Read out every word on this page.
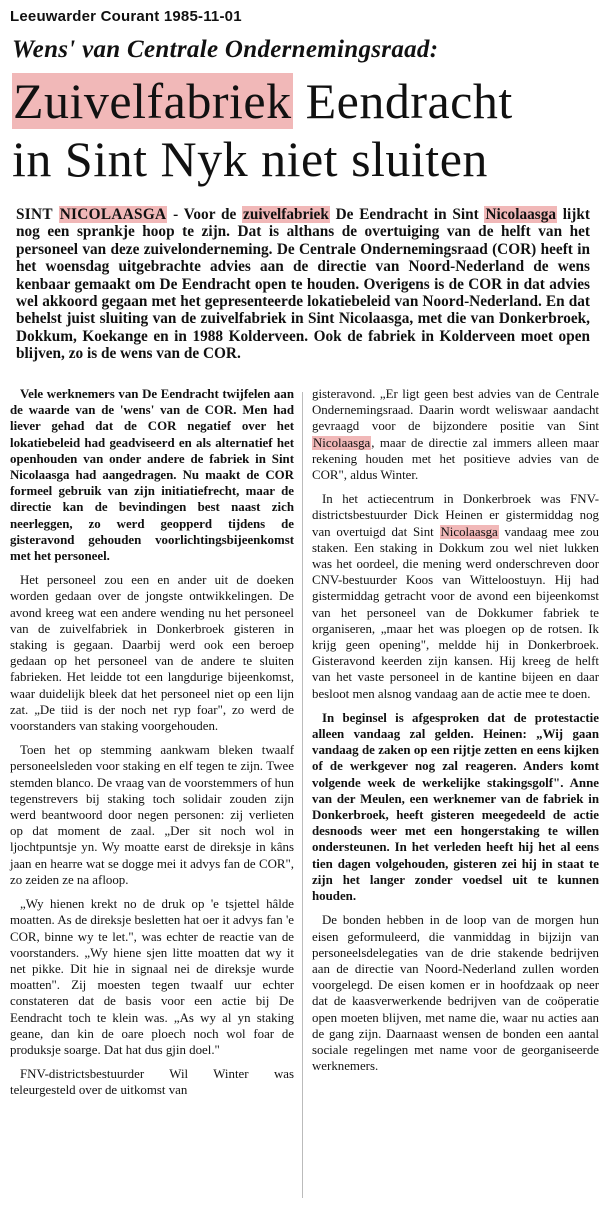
Leeuwarder Courant 1985-11-01
Wens' van Centrale Ondernemingsraad:
Zuivelfabriek Eendracht
in Sint Nyk niet sluiten
SINT NICOLAASGA - Voor de zuivelfabriek De Eendracht in Sint Nicolaasga lijkt nog een sprankje hoop te zijn. Dat is althans de overtuiging van de helft van het personeel van deze zuivelonderneming. De Centrale Ondernemingsraad (COR) heeft in het woensdag uitgebrachte advies aan de directie van Noord-Nederland de wens kenbaar gemaakt om De Eendracht open te houden. Overigens is de COR in dat advies wel akkoord gegaan met het gepresenteerde lokatiebeleid van Noord-Nederland. En dat behelst juist sluiting van de zuivelfabriek in Sint Nicolaasga, met die van Donkerbroek, Dokkum, Koekange en in 1988 Kolderveen. Ook de fabriek in Kolderveen moet open blijven, zo is de wens van de COR.

Vele werknemers van De Eendracht twijfelen aan de waarde van de 'wens' van de COR. Men had liever gehad dat de COR negatief over het lokatiebeleid had geadviseerd en als alternatief het openhouden van onder andere de fabriek in Sint Nicolaasga had aangedragen. Nu maakt de COR formeel gebruik van zijn initiatiefrecht, maar de directie kan de bevindingen best naast zich neerleggen, zo werd geopperd tijdens de gisteravond gehouden voorlichtingsbijeenkomst met het personeel.

Het personeel zou een en ander uit de doeken worden gedaan over de jongste ontwikkelingen. De avond kreeg wat een andere wending nu het personeel van de zuivelfabriek in Donkerbroek gisteren in staking is gegaan. Daarbij werd ook een beroep gedaan op het personeel van de andere te sluiten fabrieken. Het leidde tot een langdurige bijeenkomst, waar duidelijk bleek dat het personeel niet op een lijn zat. „De tiid is der noch net ryp foar", zo werd de voorstanders van staking voorgehouden.

Toen het op stemming aankwam bleken twaalf personeelsleden voor staking en elf tegen te zijn. Twee stemden blanco. De vraag van de voorstemmers of hun tegenstrevers bij staking toch solidair zouden zijn werd beantwoord door negen personen: zij verlieten op dat moment de zaal. „Der sit noch wol in ljochtpuntsje yn. Wy moatte earst de direksje in kâns jaan en hearre wat se dogge mei it advys fan de COR", zo zeiden ze na afloop.

„Wy hienen krekt no de druk op 'e tsjettel hâlde moatten. As de direksje besletten hat oer it advys fan 'e COR, binne wy te let.", was echter de reactie van de voorstanders. „Wy hiene sjen litte moatten dat wy it net pikke. Dit hie in signaal nei de direksje wurde moatten". Zij moesten tegen twaalf uur echter constateren dat de basis voor een actie bij De Eendracht toch te klein was. „As wy al yn staking geane, dan kin de oare ploech noch wol foar de produksje soarge. Dat hat dus gjin doel."

FNV-districtsbestuurder Wil Winter was teleurgesteld over de uitkomst van

gisteravond. „Er ligt geen best advies van de Centrale Ondernemingsraad. Daarin wordt weliswaar aandacht gevraagd voor de bijzondere positie van Sint Nicolaasga, maar de directie zal immers alleen maar rekening houden met het positieve advies van de COR", aldus Winter.

In het actiecentrum in Donkerbroek was FNV-districtsbestuurder Dick Heinen er gistermiddag nog van overtuigd dat Sint Nicolaasga vandaag mee zou staken. Een staking in Dokkum zou wel niet lukken was het oordeel, die mening werd onderschreven door CNV-bestuurder Koos van Witteloostuyn. Hij had gistermiddag getracht voor de avond een bijeenkomst van het personeel van de Dokkumer fabriek te organiseren, „maar het was ploegen op de rotsen. Ik krijg geen opening", meldde hij in Donkerbroek. Gisteravond keerden zijn kansen. Hij kreeg de helft van het vaste personeel in de kantine bijeen en daar besloot men alsnog vandaag aan de actie mee te doen.

In beginsel is afgesproken dat de protestactie alleen vandaag zal gelden. Heinen: „Wij gaan vandaag de zaken op een rijtje zetten en eens kijken of de werkgever nog zal reageren. Anders komt volgende week de werkelijke stakingsgolf". Anne van der Meulen, een werknemer van de fabriek in Donkerbroek, heeft gisteren meegedeeld de actie desnoods weer met een hongerstaking te willen ondersteunen. In het verleden heeft hij het al eens tien dagen volgehouden, gisteren zei hij in staat te zijn het langer zonder voedsel uit te kunnen houden.

De bonden hebben in de loop van de morgen hun eisen geformuleerd, die vanmiddag in bijzijn van personeelsdelegaties van de drie stakende bedrijven aan de directie van Noord-Nederland zullen worden voorgelegd. De eisen komen er in hoofdzaak op neer dat de kaasverwerkende bedrijven van de coöperatie open moeten blijven, met name die, waar nu acties aan de gang zijn. Daarnaast wensen de bonden een aantal sociale regelingen met name voor de georganiseerde werknemers.
